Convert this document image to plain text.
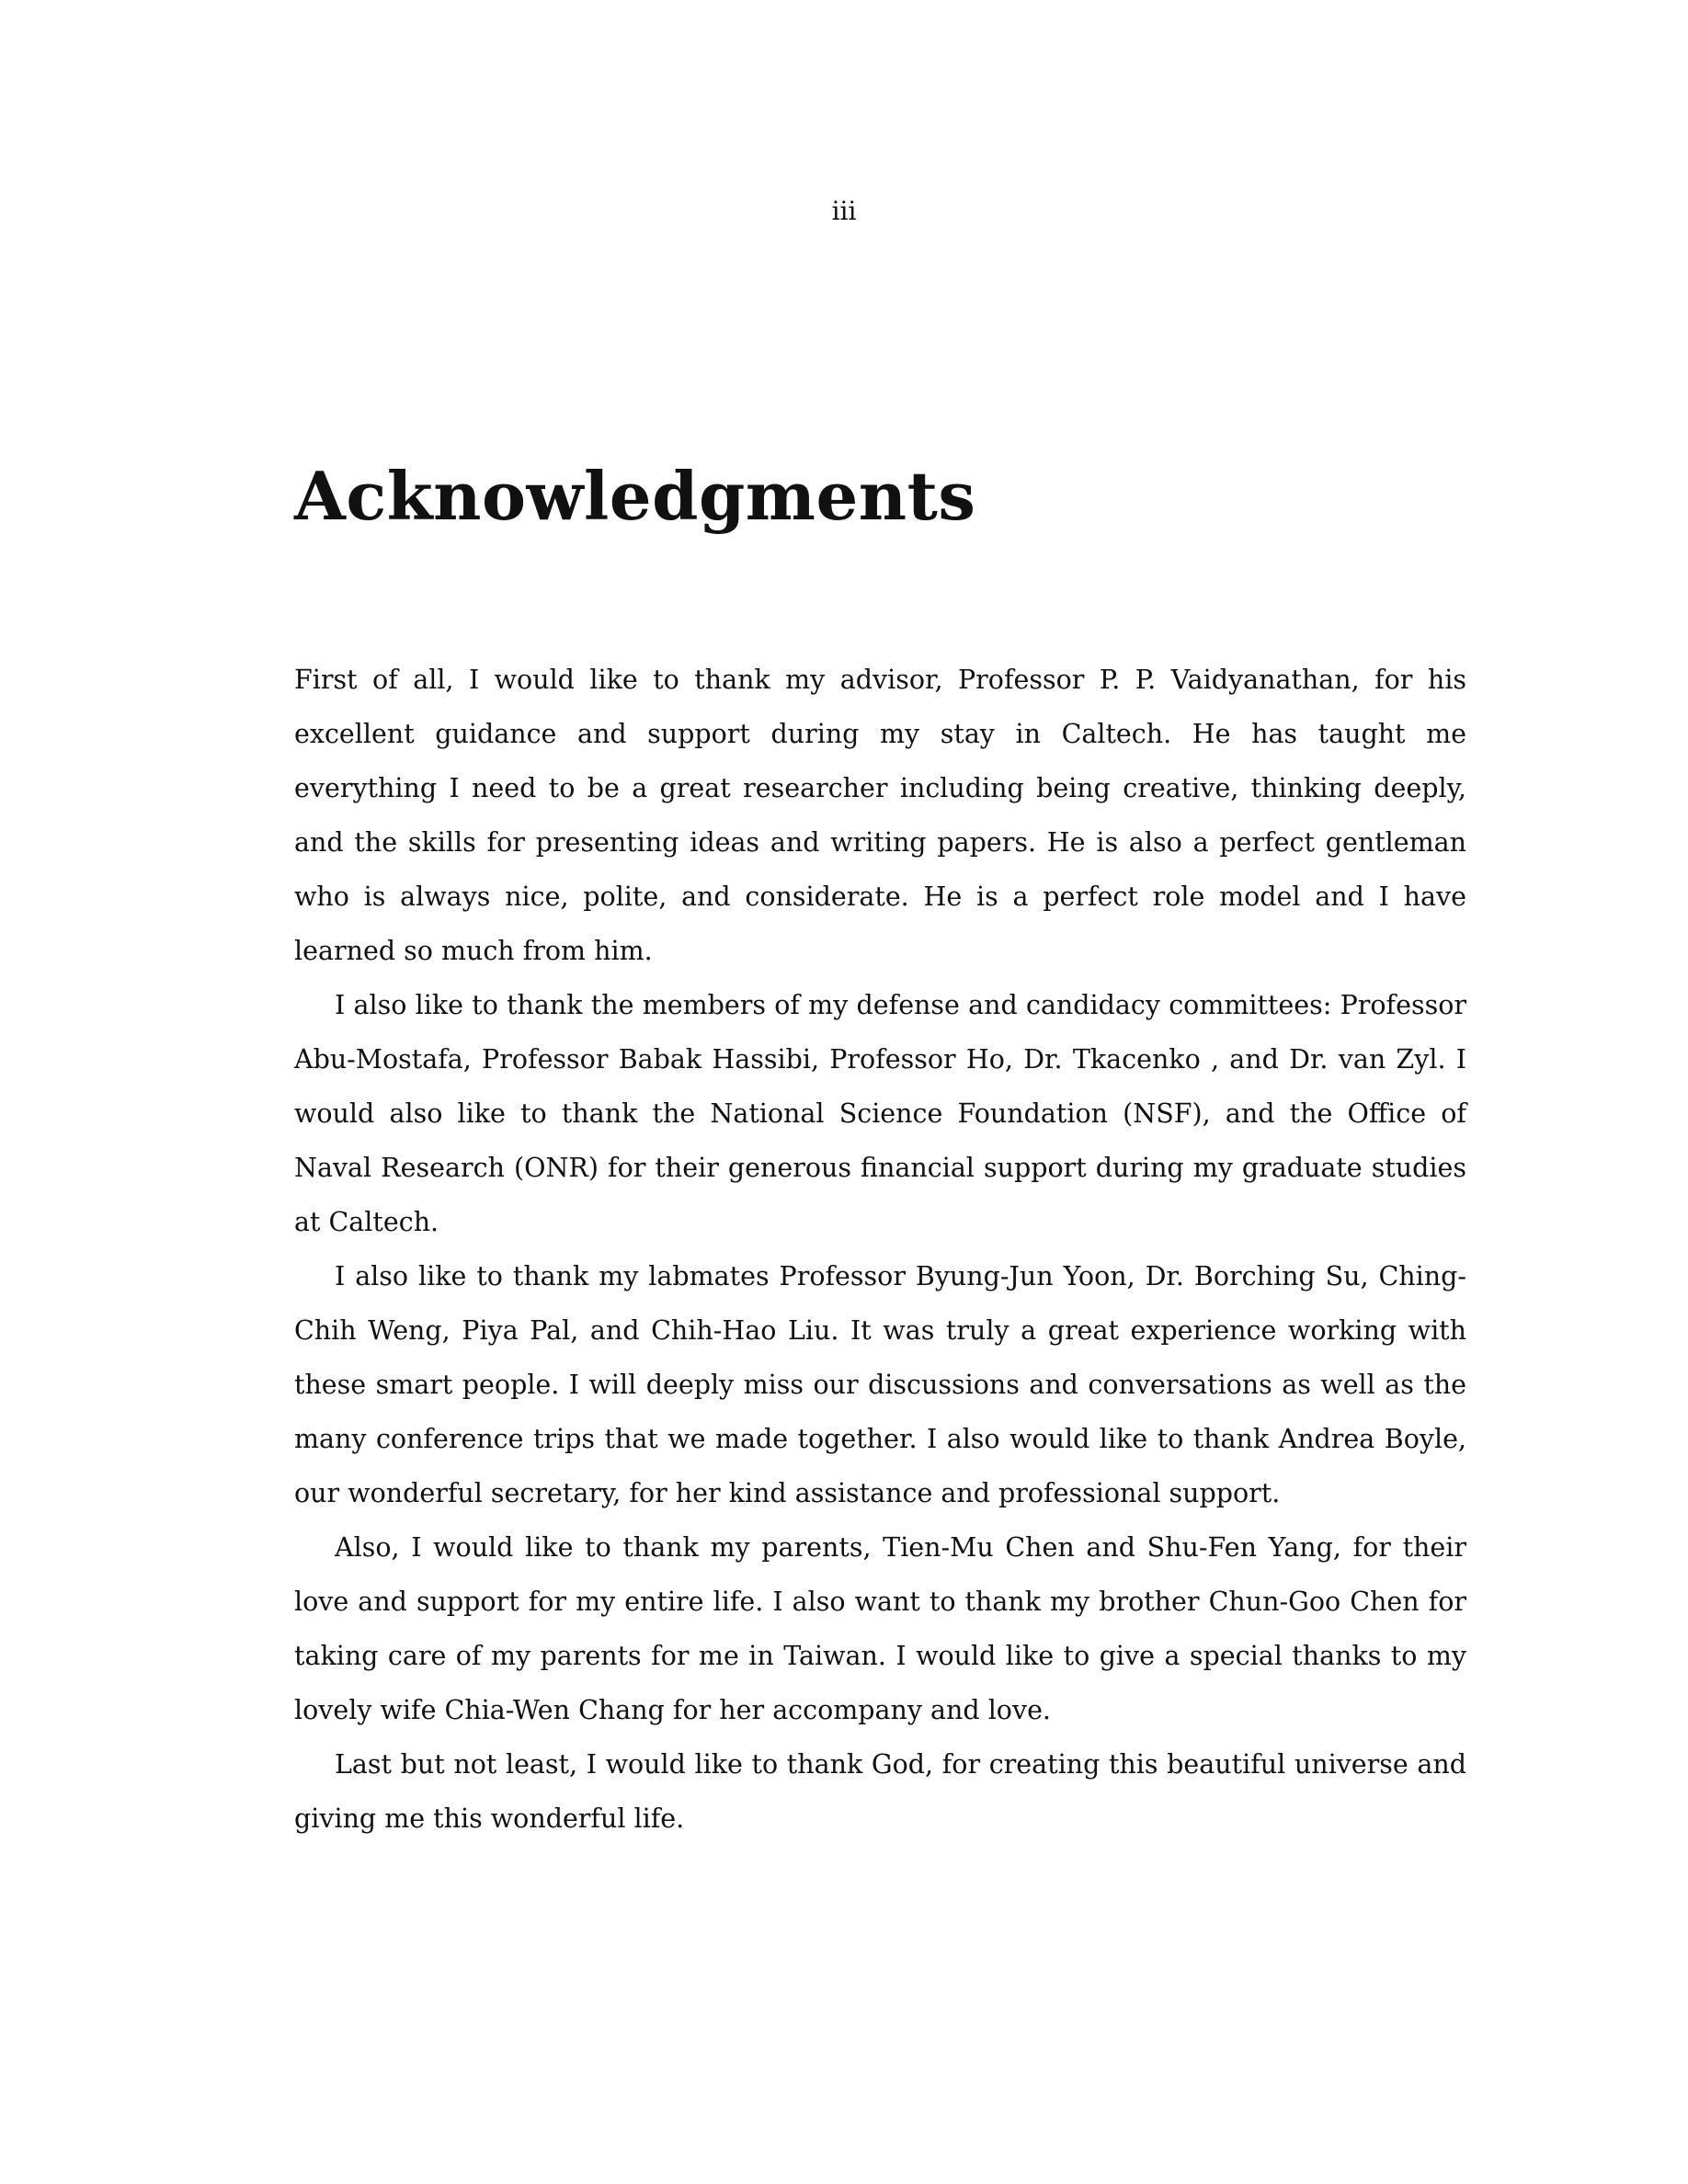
iii
Acknowledgments

First of all, I would like to thank my advisor, Professor P. P. Vaidyanathan, for his excellent guidance and support during my stay in Caltech. He has taught me everything I need to be a great researcher including being creative, thinking deeply, and the skills for presenting ideas and writing papers. He is also a perfect gentleman who is always nice, polite, and considerate. He is a perfect role model and I have learned so much from him.

I also like to thank the members of my defense and candidacy committees: Professor Abu-Mostafa, Professor Babak Hassibi, Professor Ho, Dr. Tkacenko , and Dr. van Zyl. I would also like to thank the National Science Foundation (NSF), and the Office of Naval Research (ONR) for their generous financial support during my graduate studies at Caltech.

I also like to thank my labmates Professor Byung-Jun Yoon, Dr. Borching Su, Ching-Chih Weng, Piya Pal, and Chih-Hao Liu. It was truly a great experience working with these smart people. I will deeply miss our discussions and conversations as well as the many conference trips that we made together. I also would like to thank Andrea Boyle, our wonderful secretary, for her kind assistance and professional support.

Also, I would like to thank my parents, Tien-Mu Chen and Shu-Fen Yang, for their love and support for my entire life. I also want to thank my brother Chun-Goo Chen for taking care of my parents for me in Taiwan. I would like to give a special thanks to my lovely wife Chia-Wen Chang for her accompany and love.

Last but not least, I would like to thank God, for creating this beautiful universe and giving me this wonderful life.
